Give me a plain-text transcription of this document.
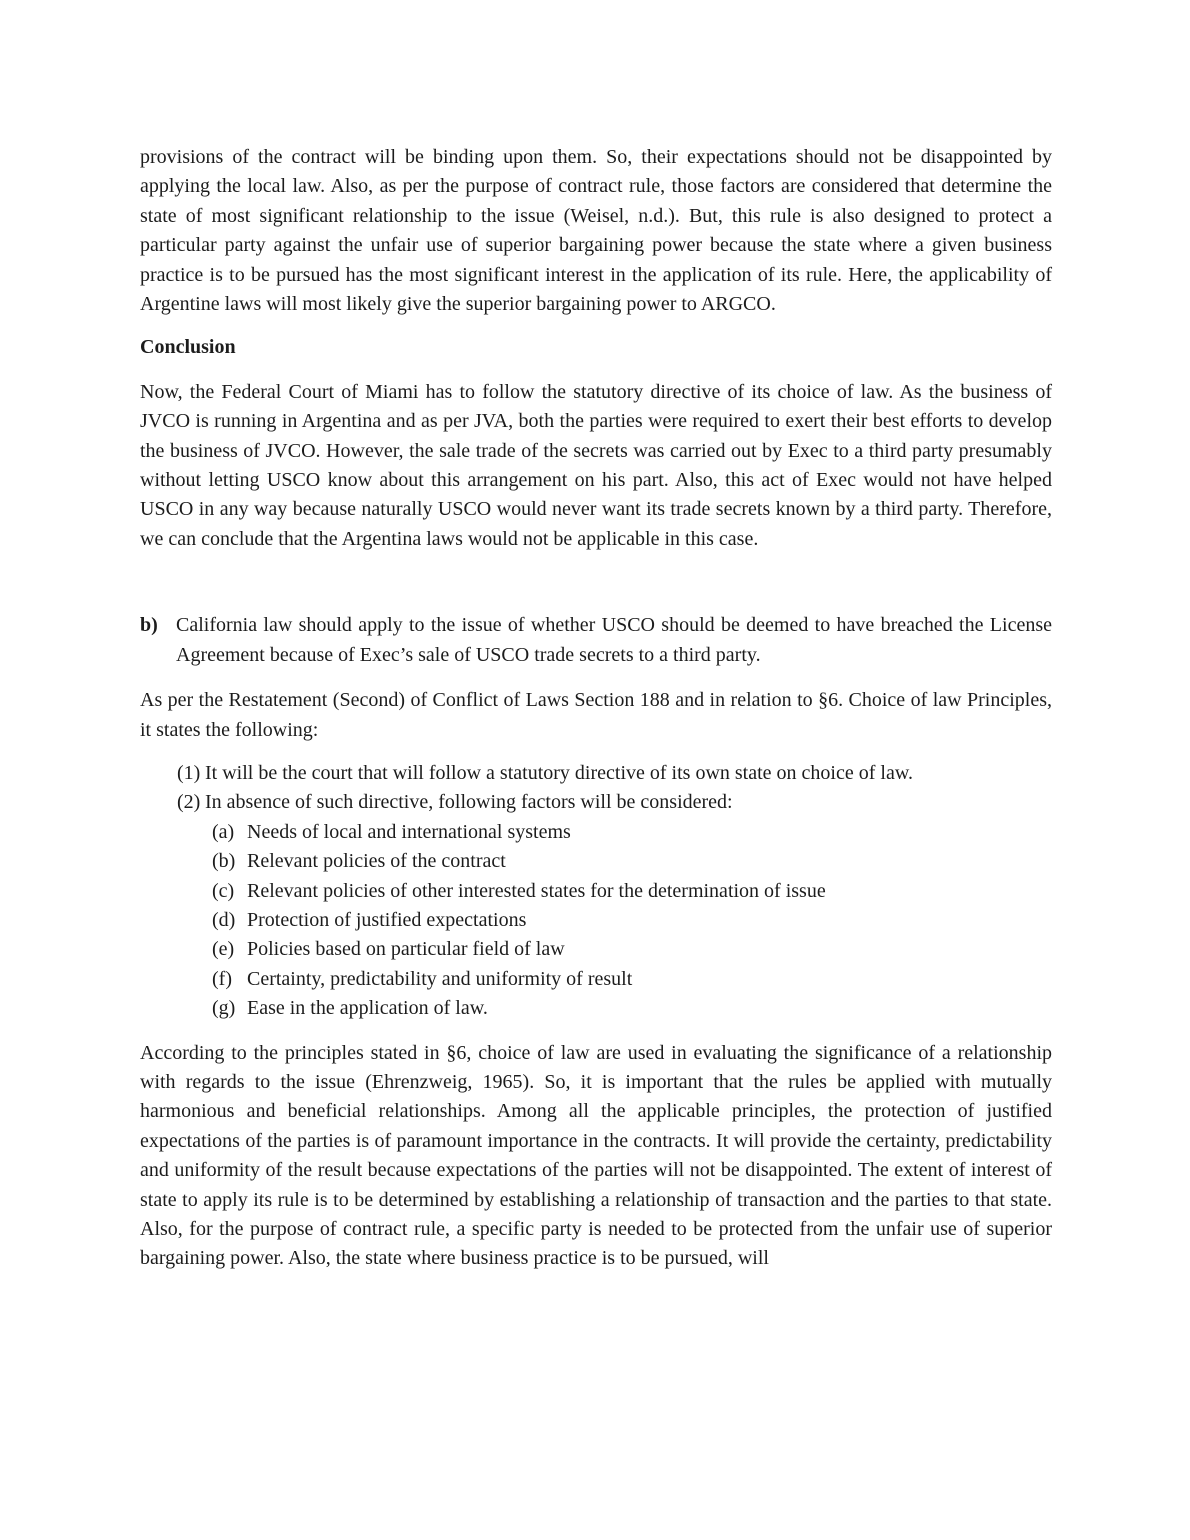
provisions of the contract will be binding upon them. So, their expectations should not be disappointed by applying the local law. Also, as per the purpose of contract rule, those factors are considered that determine the state of most significant relationship to the issue (Weisel, n.d.). But, this rule is also designed to protect a particular party against the unfair use of superior bargaining power because the state where a given business practice is to be pursued has the most significant interest in the application of its rule. Here, the applicability of Argentine laws will most likely give the superior bargaining power to ARGCO.

Conclusion

Now, the Federal Court of Miami has to follow the statutory directive of its choice of law. As the business of JVCO is running in Argentina and as per JVA, both the parties were required to exert their best efforts to develop the business of JVCO. However, the sale trade of the secrets was carried out by Exec to a third party presumably without letting USCO know about this arrangement on his part. Also, this act of Exec would not have helped USCO in any way because naturally USCO would never want its trade secrets known by a third party. Therefore, we can conclude that the Argentina laws would not be applicable in this case.

b) California law should apply to the issue of whether USCO should be deemed to have breached the License Agreement because of Exec’s sale of USCO trade secrets to a third party.

As per the Restatement (Second) of Conflict of Laws Section 188 and in relation to §6. Choice of law Principles, it states the following:

(1) It will be the court that will follow a statutory directive of its own state on choice of law.
(2) In absence of such directive, following factors will be considered:
(a) Needs of local and international systems
(b) Relevant policies of the contract
(c) Relevant policies of other interested states for the determination of issue
(d) Protection of justified expectations
(e) Policies based on particular field of law
(f) Certainty, predictability and uniformity of result
(g) Ease in the application of law.

According to the principles stated in §6, choice of law are used in evaluating the significance of a relationship with regards to the issue (Ehrenzweig, 1965). So, it is important that the rules be applied with mutually harmonious and beneficial relationships. Among all the applicable principles, the protection of justified expectations of the parties is of paramount importance in the contracts. It will provide the certainty, predictability and uniformity of the result because expectations of the parties will not be disappointed. The extent of interest of state to apply its rule is to be determined by establishing a relationship of transaction and the parties to that state. Also, for the purpose of contract rule, a specific party is needed to be protected from the unfair use of superior bargaining power. Also, the state where business practice is to be pursued, will
